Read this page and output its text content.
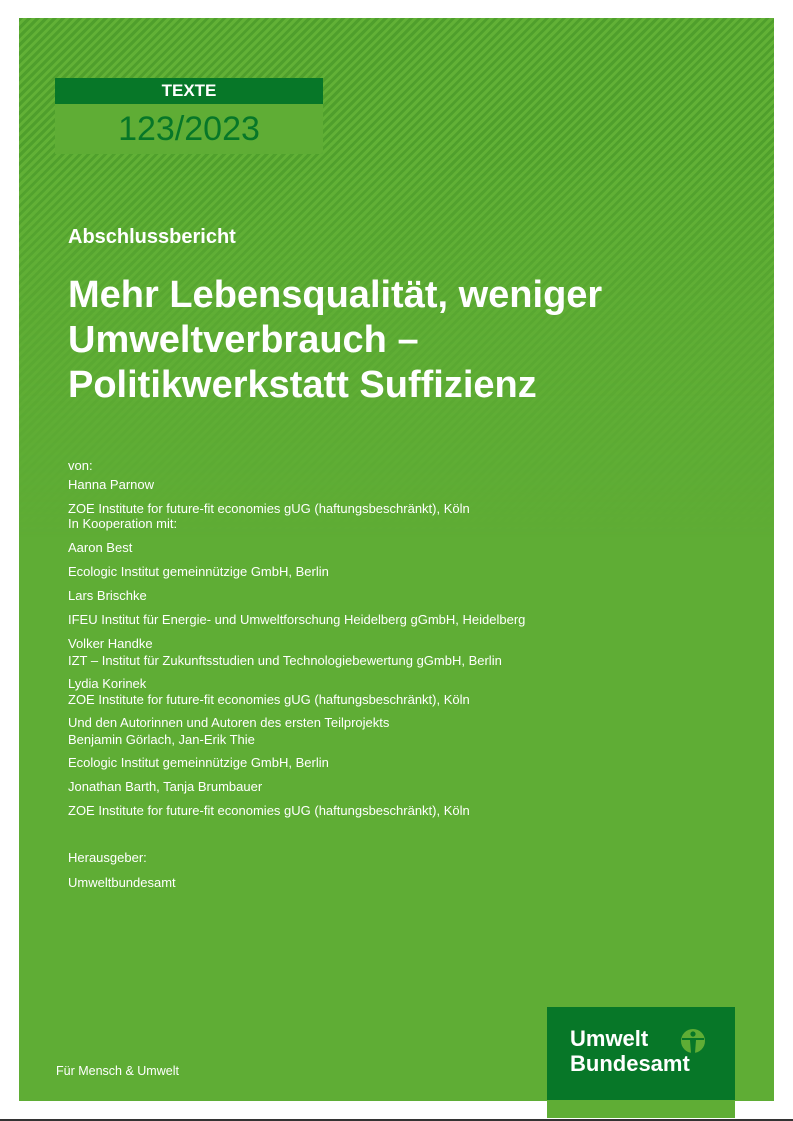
TEXTE
123/2023
Abschlussbericht
Mehr Lebensqualität, weniger
Umweltverbrauch –
Politikwerkstatt Suffizienz
von:
Hanna Parnow
ZOE Institute for future-fit economies gUG (haftungsbeschränkt), Köln
In Kooperation mit:
Aaron Best
Ecologic Institut gemeinnützige GmbH, Berlin
Lars Brischke
IFEU Institut für Energie- und Umweltforschung Heidelberg gGmbH, Heidelberg
Volker Handke
IZT – Institut für Zukunftsstudien und Technologiebewertung gGmbH, Berlin
Lydia Korinek
ZOE Institute for future-fit economies gUG (haftungsbeschränkt), Köln
Und den Autorinnen und Autoren des ersten Teilprojekts
Benjamin Görlach, Jan-Erik Thie
Ecologic Institut gemeinnützige GmbH, Berlin
Jonathan Barth, Tanja Brumbauer
ZOE Institute for future-fit economies gUG (haftungsbeschränkt), Köln
Herausgeber:
Umweltbundesamt
Für Mensch & Umwelt
Umwelt
Bundesamt
